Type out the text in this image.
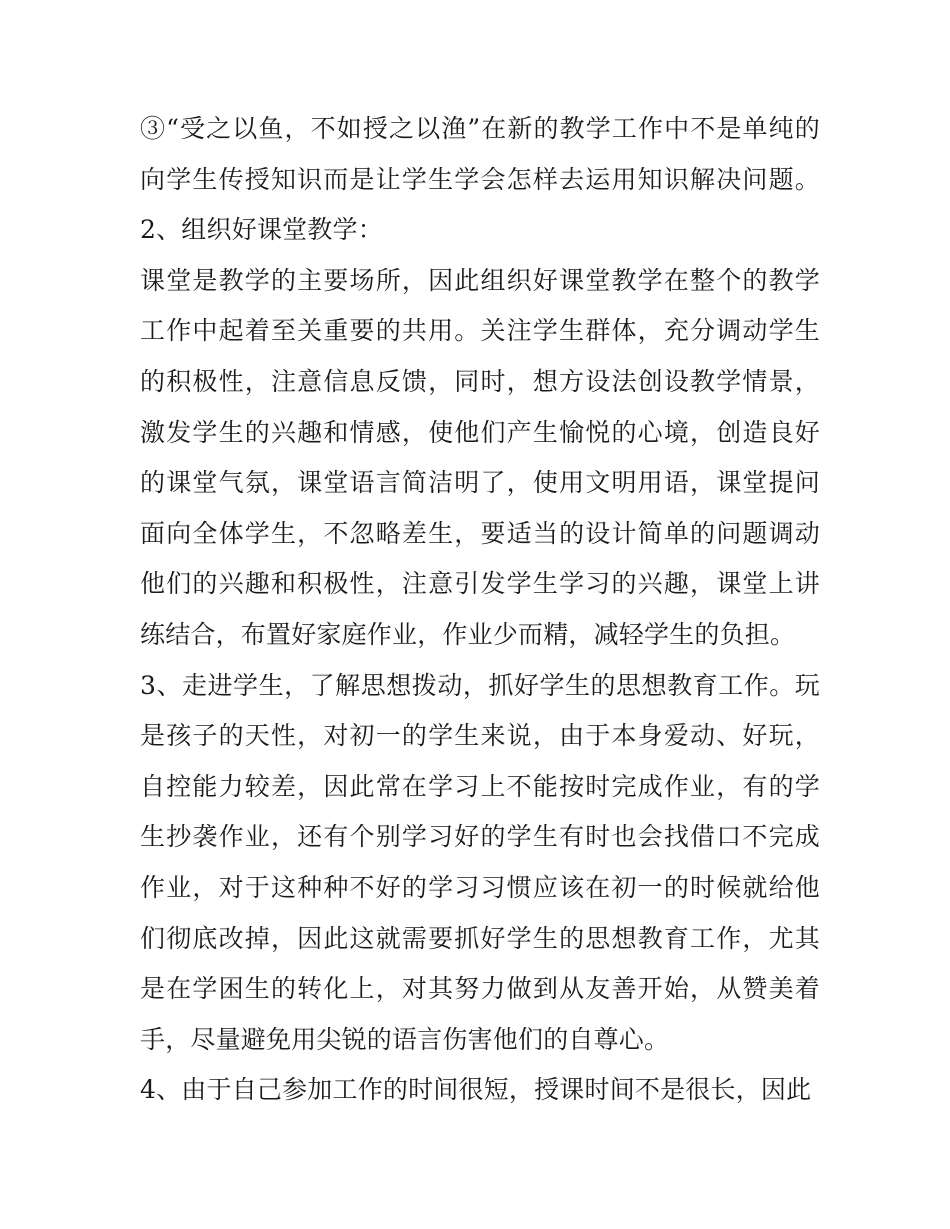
③“受之以鱼，不如授之以渔”在新的教学工作中不是单纯的向学生传授知识而是让学生学会怎样去运用知识解决问题。 2、组织好课堂教学：

课堂是教学的主要场所，因此组织好课堂教学在整个的教学工作中起着至关重要的共用。关注学生群体，充分调动学生的积极性，注意信息反馈，同时，想方设法创设教学情景，激发学生的兴趣和情感，使他们产生愉悦的心境，创造良好的课堂气氛，课堂语言简洁明了，使用文明用语，课堂提问面向全体学生，不忽略差生，要适当的设计简单的问题调动他们的兴趣和积极性，注意引发学生学习的兴趣，课堂上讲练结合，布置好家庭作业，作业少而精，减轻学生的负担。

3、走进学生，了解思想拨动，抓好学生的思想教育工作。玩是孩子的天性，对初一的学生来说，由于本身爱动、好玩，自控能力较差，因此常在学习上不能按时完成作业，有的学生抄袭作业，还有个别学习好的学生有时也会找借口不完成作业，对于这种种不好的学习习惯应该在初一的时候就给他们彻底改掉，因此这就需要抓好学生的思想教育工作，尤其是在学困生的转化上，对其努力做到从友善开始，从赞美着手，尽量避免用尖锐的语言伤害他们的自尊心。

4、由于自己参加工作的时间很短，授课时间不是很长，因此
